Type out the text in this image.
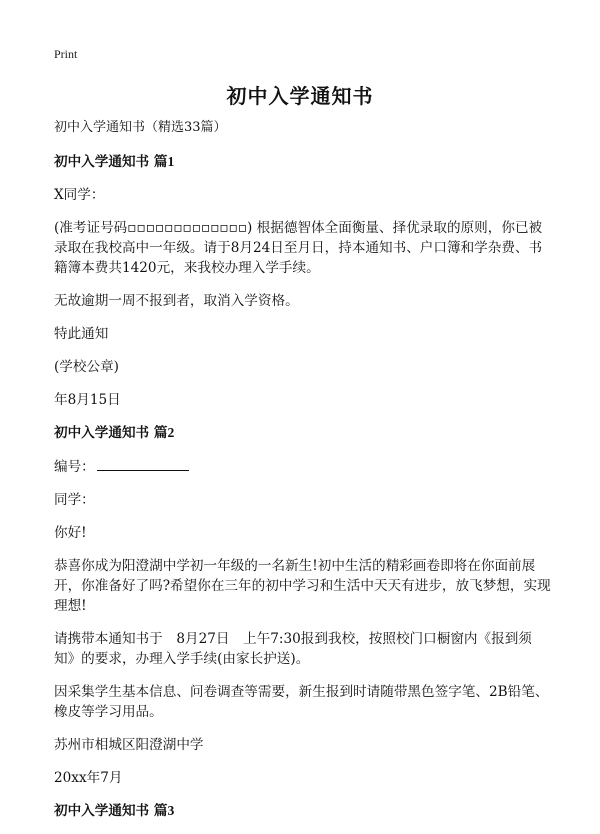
Print
初中入学通知书
初中入学通知书（精选33篇）
初中入学通知书 篇1
X同学：
(准考证号码▫▫▫▫▫▫▫▫▫▫▫▫▫) 根据德智体全面衡量、择优录取的原则，你已被录取在我校高中一年级。请于8月24日至月日，持本通知书、户口簿和学杂费、书籍簿本费共1420元，来我校办理入学手续。
无故逾期一周不报到者，取消入学资格。
特此通知
(学校公章)
年8月15日
初中入学通知书 篇2
编号：
同学：
你好!
恭喜你成为阳澄湖中学初一年级的一名新生!初中生活的精彩画卷即将在你面前展开，你准备好了吗?希望你在三年的初中学习和生活中天天有进步，放飞梦想，实现理想!
请携带本通知书于　8月27日　上午7:30报到我校，按照校门口橱窗内《报到须知》的要求，办理入学手续(由家长护送)。
因采集学生基本信息、问卷调查等需要，新生报到时请随带黑色签字笔、2B铅笔、橡皮等学习用品。
苏州市相城区阳澄湖中学
20xx年7月
初中入学通知书 篇3
